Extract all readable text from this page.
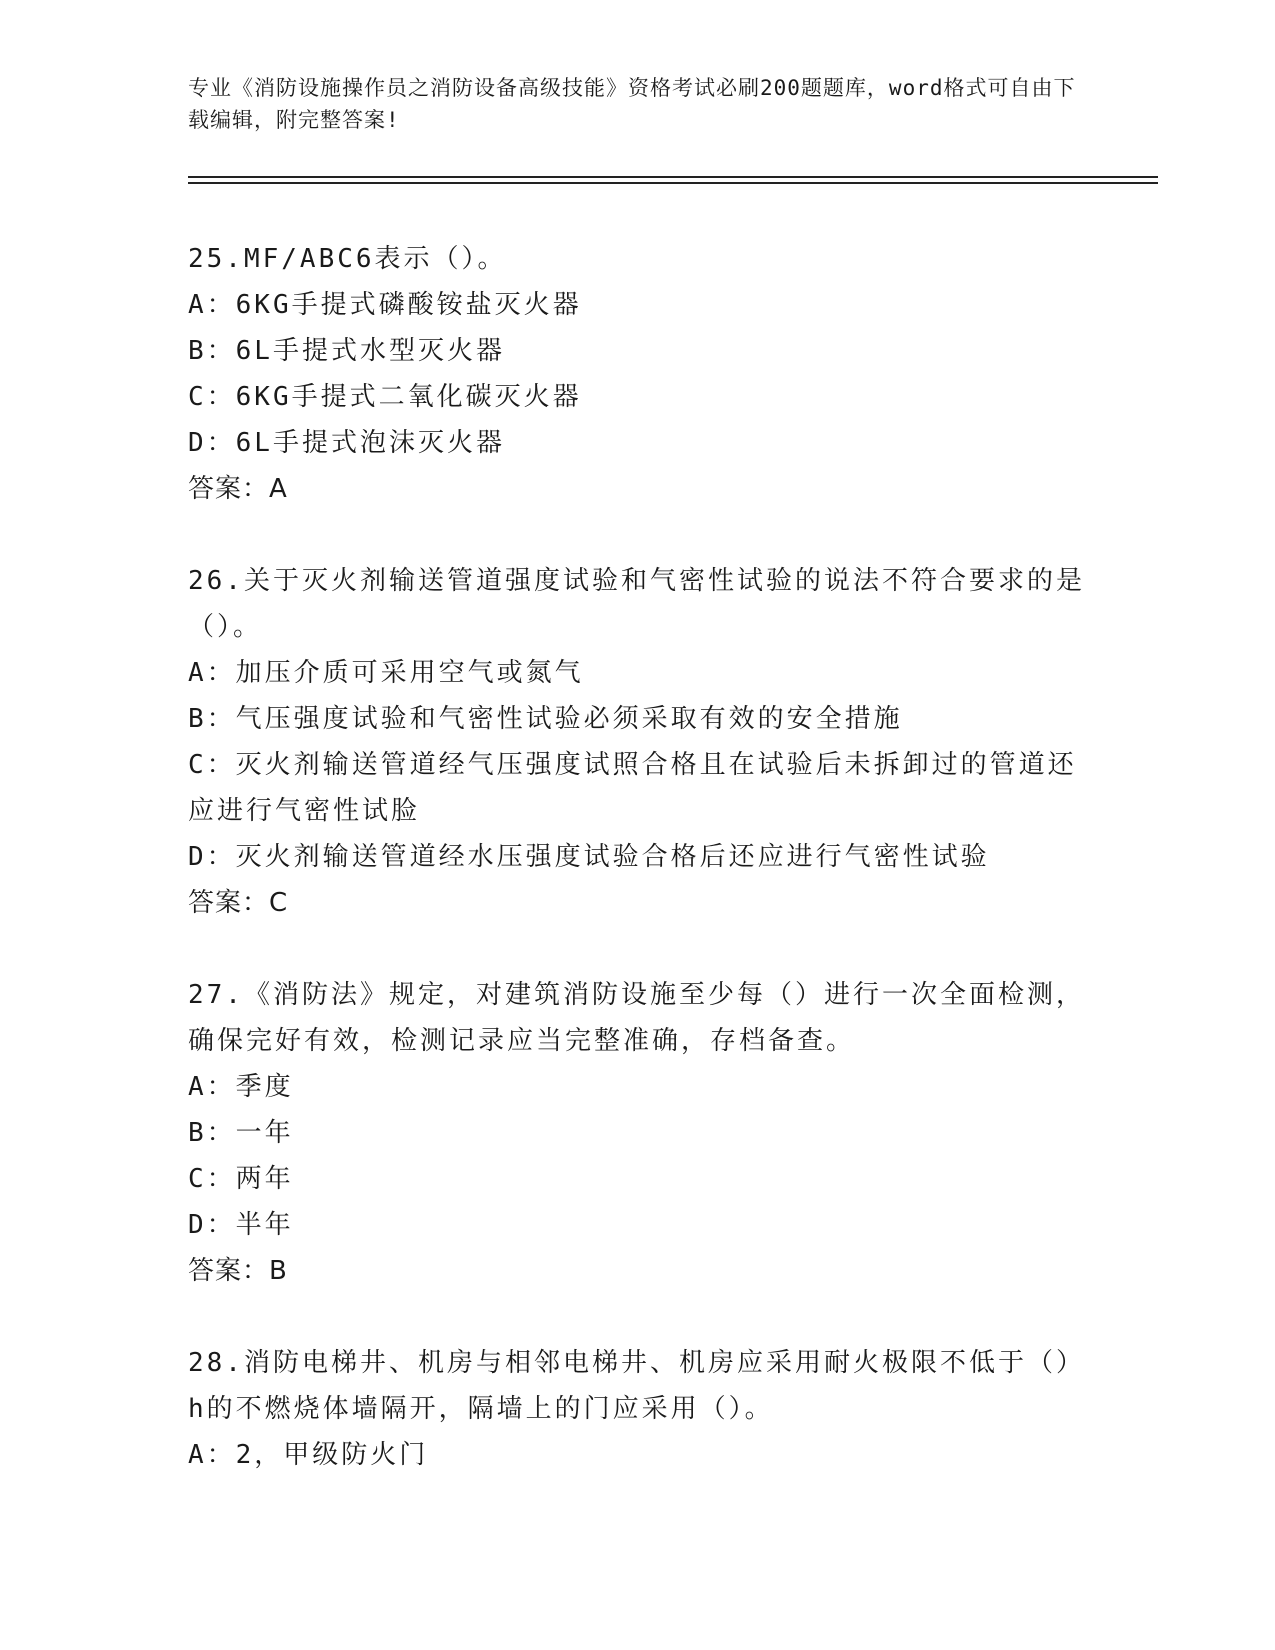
专业《消防设施操作员之消防设备高级技能》资格考试必刷200题题库，word格式可自由下载编辑，附完整答案!
25.MF/ABC6表示（）。
A：6KG手提式磷酸铵盐灭火器
B：6L手提式水型灭火器
C：6KG手提式二氧化碳灭火器
D：6L手提式泡沫灭火器
答案：A
26.关于灭火剂输送管道强度试验和气密性试验的说法不符合要求的是（）。
A：加压介质可采用空气或氮气
B：气压强度试验和气密性试验必须采取有效的安全措施
C：灭火剂输送管道经气压强度试照合格且在试验后未拆卸过的管道还应进行气密性试脸
D：灭火剂输送管道经水压强度试验合格后还应进行气密性试验
答案：C
27.《消防法》规定，对建筑消防设施至少每（）进行一次全面检测，确保完好有效，检测记录应当完整准确，存档备查。
A：季度
B：一年
C：两年
D：半年
答案：B
28.消防电梯井、机房与相邻电梯井、机房应采用耐火极限不低于（）h的不燃烧体墙隔开，隔墙上的门应采用（）。
A：2，甲级防火门
